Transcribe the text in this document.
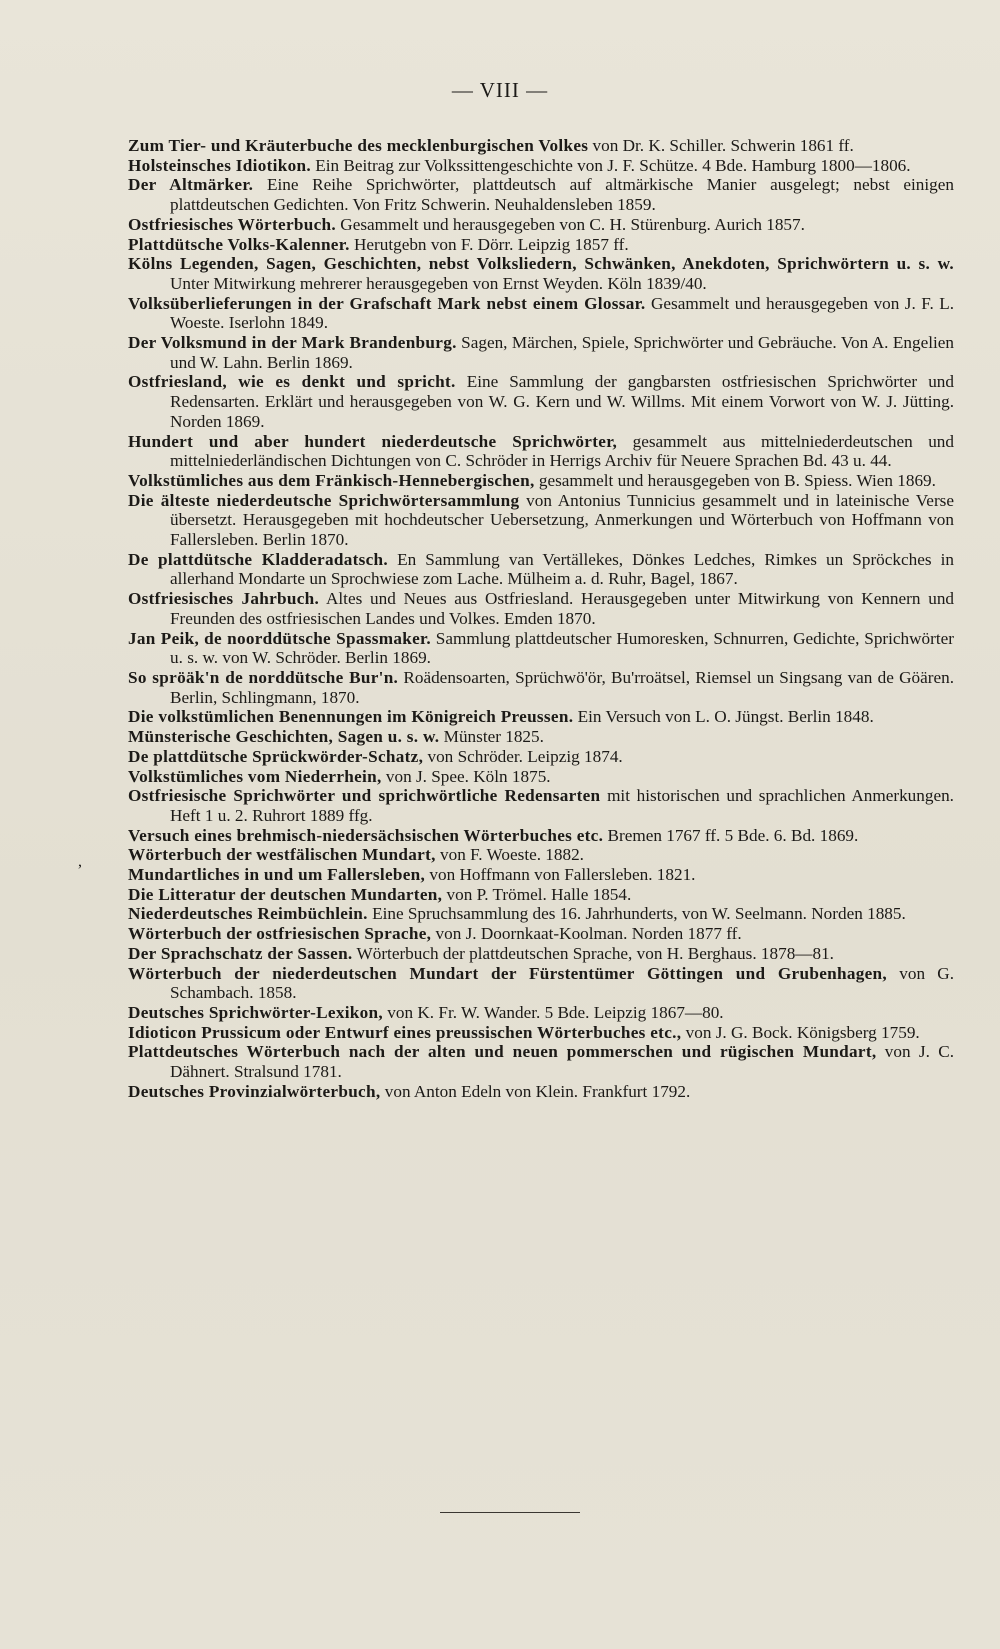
— VIII —
,
Zum Tier- und Kräuterbuche des mecklenburgischen Volkes von Dr. K. Schiller. Schwerin 1861 ff.
Holsteinsches Idiotikon. Ein Beitrag zur Volkssittengeschichte von J. F. Schütze. 4 Bde. Hamburg 1800—1806.
Der Altmärker. Eine Reihe Sprichwörter, plattdeutsch auf altmärkische Manier ausgelegt; nebst einigen plattdeutschen Gedichten. Von Fritz Schwerin. Neuhaldensleben 1859.
Ostfriesisches Wörterbuch. Gesammelt und herausgegeben von C. H. Stürenburg. Aurich 1857.
Plattdütsche Volks-Kalenner. Herutgebn von F. Dörr. Leipzig 1857 ff.
Kölns Legenden, Sagen, Geschichten, nebst Volksliedern, Schwänken, Anekdoten, Sprichwörtern u. s. w. Unter Mitwirkung mehrerer herausgegeben von Ernst Weyden. Köln 1839/40.
Volksüberlieferungen in der Grafschaft Mark nebst einem Glossar. Gesammelt und herausgegeben von J. F. L. Woeste. Iserlohn 1849.
Der Volksmund in der Mark Brandenburg. Sagen, Märchen, Spiele, Sprichwörter und Gebräuche. Von A. Engelien und W. Lahn. Berlin 1869.
Ostfriesland, wie es denkt und spricht. Eine Sammlung der gangbarsten ostfriesischen Sprichwörter und Redensarten. Erklärt und herausgegeben von W. G. Kern und W. Willms. Mit einem Vorwort von W. J. Jütting. Norden 1869.
Hundert und aber hundert niederdeutsche Sprichwörter, gesammelt aus mittelniederdeutschen und mittelniederländischen Dichtungen von C. Schröder in Herrigs Archiv für Neuere Sprachen Bd. 43 u. 44.
Volkstümliches aus dem Fränkisch-Hennebergischen, gesammelt und herausgegeben von B. Spiess. Wien 1869.
Die älteste niederdeutsche Sprichwörtersammlung von Antonius Tunnicius gesammelt und in lateinische Verse übersetzt. Herausgegeben mit hochdeutscher Uebersetzung, Anmerkungen und Wörterbuch von Hoffmann von Fallersleben. Berlin 1870.
De plattdütsche Kladderadatsch. En Sammlung van Vertällekes, Dönkes Ledches, Rimkes un Spröckches in allerhand Mondarte un Sprochwiese zom Lache. Mülheim a. d. Ruhr, Bagel, 1867.
Ostfriesisches Jahrbuch. Altes und Neues aus Ostfriesland. Herausgegeben unter Mitwirkung von Kennern und Freunden des ostfriesischen Landes und Volkes. Emden 1870.
Jan Peik, de noorddütsche Spassmaker. Sammlung plattdeutscher Humoresken, Schnurren, Gedichte, Sprichwörter u. s. w. von W. Schröder. Berlin 1869.
So spröäk'n de norddütsche Bur'n. Roädensoarten, Sprüchwö'ör, Bu'rroätsel, Riemsel un Singsang van de Göären. Berlin, Schlingmann, 1870.
Die volkstümlichen Benennungen im Königreich Preussen. Ein Versuch von L. O. Jüngst. Berlin 1848.
Münsterische Geschichten, Sagen u. s. w. Münster 1825.
De plattdütsche Sprückwörder-Schatz, von Schröder. Leipzig 1874.
Volkstümliches vom Niederrhein, von J. Spee. Köln 1875.
Ostfriesische Sprichwörter und sprichwörtliche Redensarten mit historischen und sprachlichen Anmerkungen. Heft 1 u. 2. Ruhrort 1889 ffg.
Versuch eines brehmisch-niedersächsischen Wörterbuches etc. Bremen 1767 ff. 5 Bde. 6. Bd. 1869.
Wörterbuch der westfälischen Mundart, von F. Woeste. 1882.
Mundartliches in und um Fallersleben, von Hoffmann von Fallersleben. 1821.
Die Litteratur der deutschen Mundarten, von P. Trömel. Halle 1854.
Niederdeutsches Reimbüchlein. Eine Spruchsammlung des 16. Jahrhunderts, von W. Seelmann. Norden 1885.
Wörterbuch der ostfriesischen Sprache, von J. Doornkaat-Koolman. Norden 1877 ff.
Der Sprachschatz der Sassen. Wörterbuch der plattdeutschen Sprache, von H. Berghaus. 1878—81.
Wörterbuch der niederdeutschen Mundart der Fürstentümer Göttingen und Grubenhagen, von G. Schambach. 1858.
Deutsches Sprichwörter-Lexikon, von K. Fr. W. Wander. 5 Bde. Leipzig 1867—80.
Idioticon Prussicum oder Entwurf eines preussischen Wörterbuches etc., von J. G. Bock. Königsberg 1759.
Plattdeutsches Wörterbuch nach der alten und neuen pommerschen und rügischen Mundart, von J. C. Dähnert. Stralsund 1781.
Deutsches Provinzialwörterbuch, von Anton Edeln von Klein. Frankfurt 1792.
